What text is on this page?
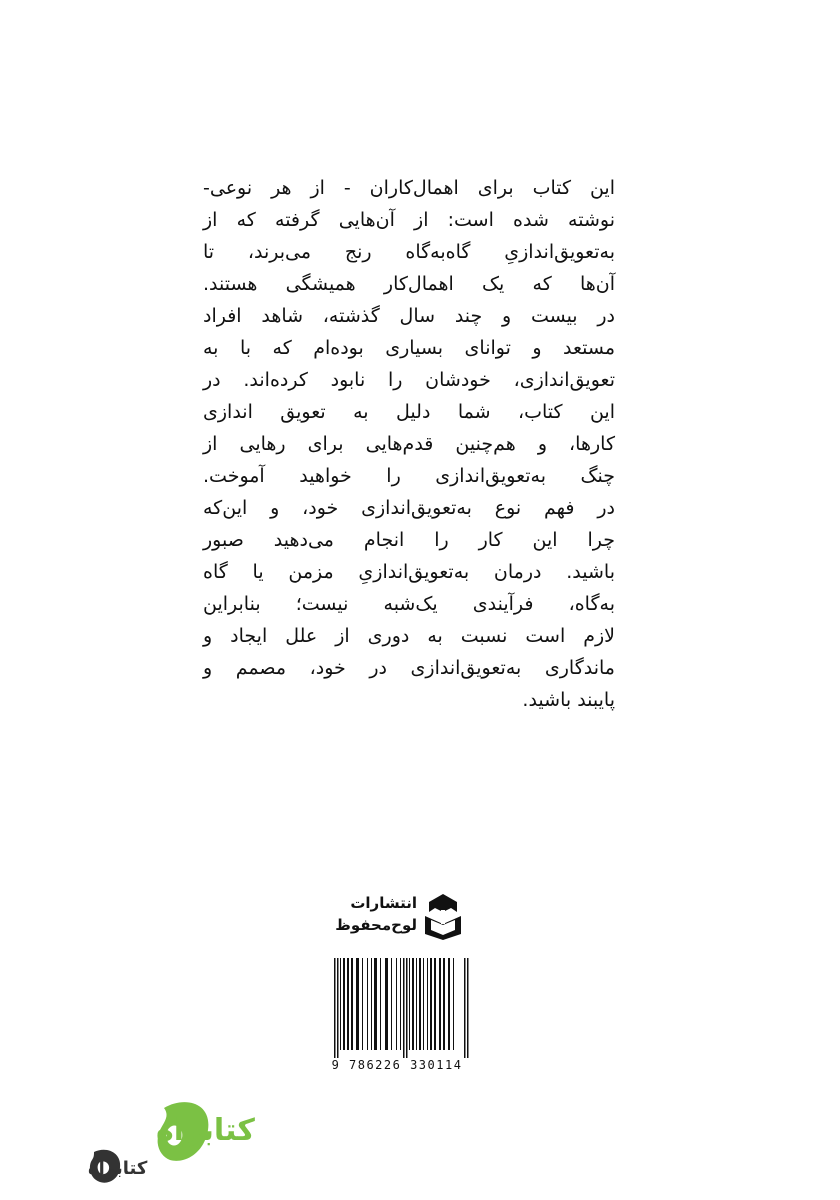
این کتاب برای اهمال‌کاران - از هر نوعی-
نوشته شده است: از آن‌هایی گرفته که از
به‌تعویق‌اندازیِ گاه‌به‌گاه رنج می‌برند، تا
آن‌ها که یک اهمال‌کار همیشگی هستند.
در بیست و چند سال گذشته، شاهد افراد
مستعد و توانای بسیاری بوده‌ام که با به
تعویق‌اندازی، خودشان را نابود کرده‌اند. در
این کتاب، شما دلیل به تعویق اندازی
کارها، و هم‌چنین قدم‌هایی برای رهایی از
چنگ به‌تعویق‌اندازی را خواهید آموخت.
در فهم نوع به‌تعویق‌اندازی خود، و این‌که
چرا این کار را انجام می‌دهید صبور
باشید. درمان به‌تعویق‌اندازیِ مزمن یا گاه
به‌گاه، فرآیندی یک‌شبه نیست؛ بنابراین
لازم است نسبت به دوری از علل ایجاد و
ماندگاری به‌تعویق‌اندازی در خود، مصمم و
پایبند باشید.
انتشارات
لوح‌محفوظ
9 786226 330114
کتابراه
کتابراه
